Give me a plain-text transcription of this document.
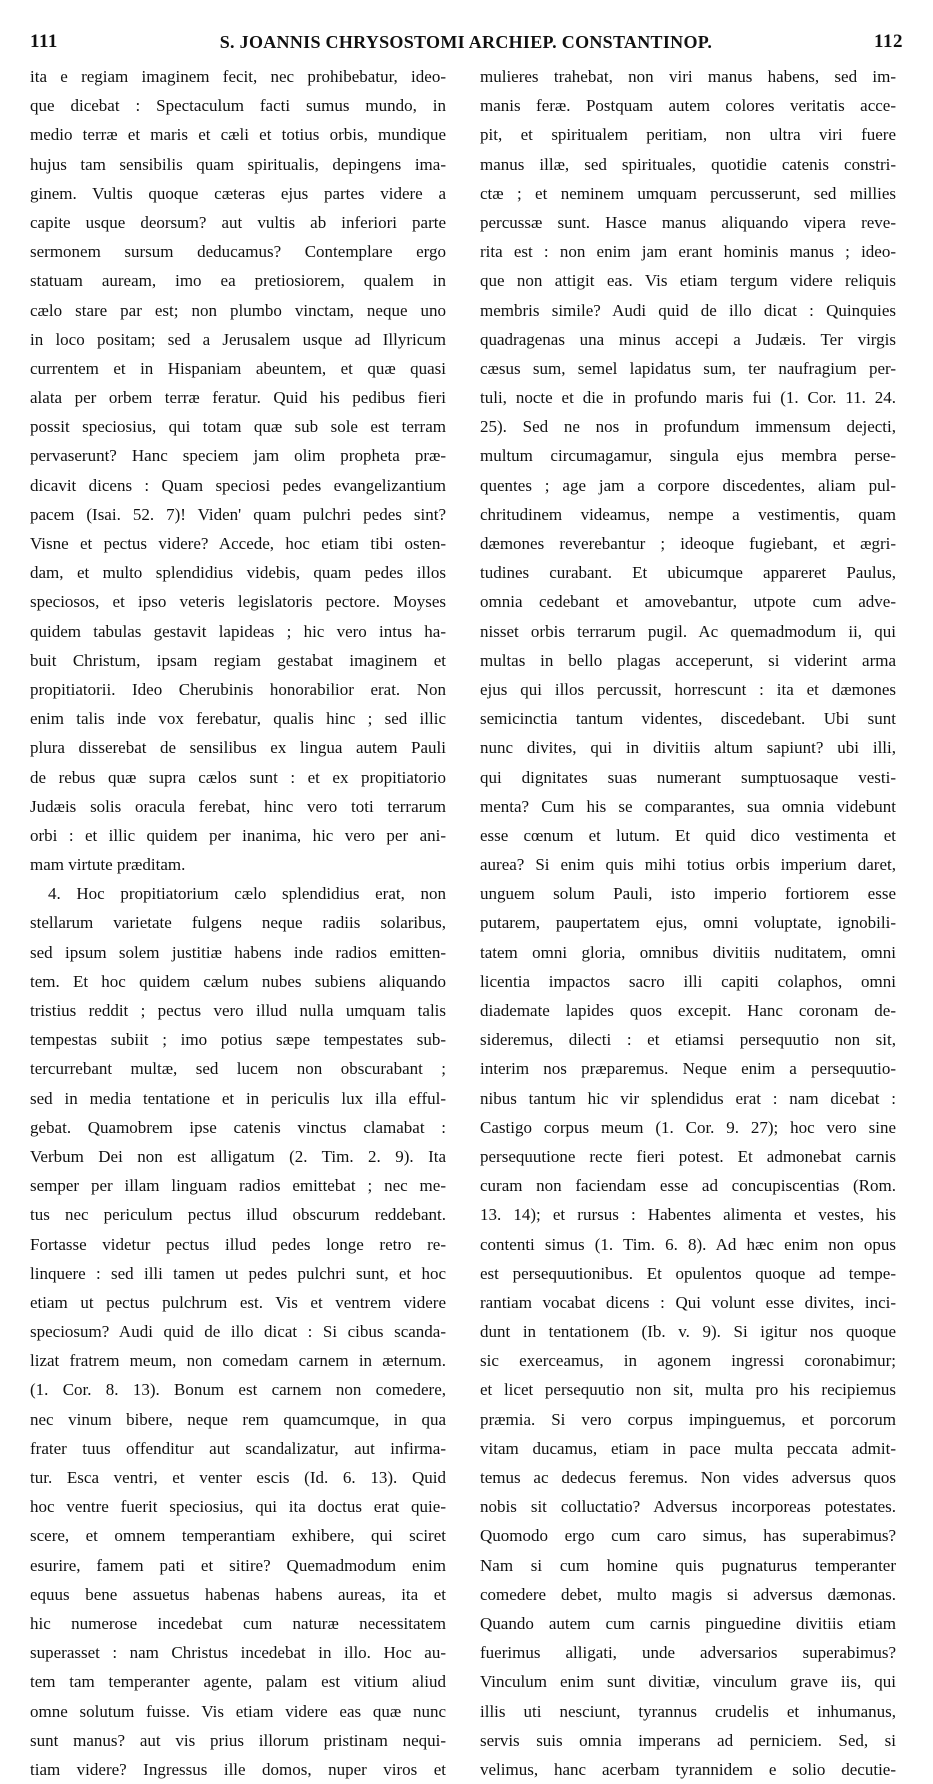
111	S. JOANNIS CHRYSOSTOMI ARCHIEP. CONSTANTINOP.	112
ita e regiam imaginem fecit, nec prohibebatur, ideo-
que dicebat : Spectaculum facti sumus mundo, in
medio terræ et maris et cæli et totius orbis, mundique
hujus tam sensibilis quam spiritualis, depingens ima-
ginem. Vultis quoque cæteras ejus partes videre a
capite usque deorsum? aut vultis ab inferiori parte
sermonem sursum deducamus? Contemplare ergo
statuam auream, imo ea pretiosiorem, qualem in
cælo stare par est; non plumbo vinctam, neque uno
in loco positam; sed a Jerusalem usque ad Illyricum
currentem et in Hispaniam abeuntem, et quæ quasi
alata per orbem terræ feratur. Quid his pedibus fieri
possit speciosius, qui totam quæ sub sole est terram
pervaserunt? Hanc speciem jam olim propheta præ-
dicavit dicens : Quam speciosi pedes evangelizantium
pacem (Isai. 52. 7)! Viden' quam pulchri pedes sint?
Visne et pectus videre? Accede, hoc etiam tibi osten-
dam, et multo splendidius videbis, quam pedes illos
speciosos, et ipso veteris legislatoris pectore. Moyses
quidem tabulas gestavit lapideas ; hic vero intus ha-
buit Christum, ipsam regiam gestabat imaginem et
propitiatorii. Ideo Cherubinis honorabilior erat. Non
enim talis inde vox ferebatur, qualis hinc ; sed illic
plura disserebat de sensilibus ex lingua autem Pauli
de rebus quæ supra cælos sunt : et ex propitiatorio
Judæis solis oracula ferebat, hinc vero toti terrarum
orbi : et illic quidem per inanima, hic vero per ani-
mam virtute præditam.
4. Hoc propitiatorium cælo splendidius erat, non
stellarum varietate fulgens neque radiis solaribus,
sed ipsum solem justitiæ habens inde radios emitten-
tem. Et hoc quidem cælum nubes subiens aliquando
tristius reddit ; pectus vero illud nulla umquam talis
tempestas subiit ; imo potius sæpe tempestates sub-
tercurrebant multæ, sed lucem non obscurabant ;
sed in media tentatione et in periculis lux illa efful-
gebat. Quamobrem ipse catenis vinctus clamabat :
Verbum Dei non est alligatum (2. Tim. 2. 9). Ita
semper per illam linguam radios emittebat ; nec me-
tus nec periculum pectus illud obscurum reddebant.
Fortasse videtur pectus illud pedes longe retro re-
linquere : sed illi tamen ut pedes pulchri sunt, et hoc
etiam ut pectus pulchrum est. Vis et ventrem videre
speciosum? Audi quid de illo dicat : Si cibus scanda-
lizat fratrem meum, non comedam carnem in æternum.
(1. Cor. 8. 13). Bonum est carnem non comedere,
nec vinum bibere, neque rem quamcumque, in qua
frater tuus offenditur aut scandalizatur, aut infirma-
tur. Esca ventri, et venter escis (Id. 6. 13). Quid
hoc ventre fuerit speciosius, qui ita doctus erat quie-
scere, et omnem temperantiam exhibere, qui sciret
esurire, famem pati et sitire? Quemadmodum enim
equus bene assuetus habenas habens aureas, ita et
hic numerose incedebat cum naturæ necessitatem
superasset : nam Christus incedebat in illo. Hoc au-
tem tam temperanter agente, palam est vitium aliud
omne solutum fuisse. Vis etiam videre eas quæ nunc
sunt manus? aut vis prius illorum pristinam nequi-
tiam videre? Ingressus ille domos, nuper viros et
mulieres trahebat, non viri manus habens, sed im-
manis feræ. Postquam autem colores veritatis acce-
pit, et spiritualem peritiam, non ultra viri fuere
manus illæ, sed spirituales, quotidie catenis constri-
ctæ ; et neminem umquam percusserunt, sed millies
percussæ sunt. Hasce manus aliquando vipera reve-
rita est : non enim jam erant hominis manus ; ideo-
que non attigit eas. Vis etiam tergum videre reliquis
membris simile? Audi quid de illo dicat : Quinquies
quadragenas una minus accepi a Judæis. Ter virgis
cæsus sum, semel lapidatus sum, ter naufragium per-
tuli, nocte et die in profundo maris fui (1. Cor. 11. 24.
25). Sed ne nos in profundum immensum dejecti,
multum circumagamur, singula ejus membra perse-
quentes ; age jam a corpore discedentes, aliam pul-
chritudinem videamus, nempe a vestimentis, quam
dæmones reverebantur ; ideoque fugiebant, et ægri-
tudines curabant. Et ubicumque appareret Paulus,
omnia cedebant et amovebantur, utpote cum adve-
nisset orbis terrarum pugil. Ac quemadmodum ii, qui
multas in bello plagas acceperunt, si viderint arma
ejus qui illos percussit, horrescunt : ita et dæmones
semicinctia tantum videntes, discedebant. Ubi sunt
nunc divites, qui in divitiis altum sapiunt? ubi illi,
qui dignitates suas numerant sumptuosaque vesti-
menta? Cum his se comparantes, sua omnia videbunt
esse cœnum et lutum. Et quid dico vestimenta et
aurea? Si enim quis mihi totius orbis imperium daret,
unguem solum Pauli, isto imperio fortiorem esse
putarem, paupertatem ejus, omni voluptate, ignobili-
tatem omni gloria, omnibus divitiis nuditatem, omni
licentia impactos sacro illi capiti colaphos, omni
diademate lapides quos excepit. Hanc coronam de-
sideremus, dilecti : et etiamsi persequutio non sit,
interim nos præparemus. Neque enim a persequutio-
nibus tantum hic vir splendidus erat : nam dicebat :
Castigo corpus meum (1. Cor. 9. 27); hoc vero sine
persequutione recte fieri potest. Et admonebat carnis
curam non faciendam esse ad concupiscentias (Rom.
13. 14); et rursus : Habentes alimenta et vestes, his
contenti simus (1. Tim. 6. 8). Ad hæc enim non opus
est persequutionibus. Et opulentos quoque ad tempe-
rantiam vocabat dicens : Qui volunt esse divites, inci-
dunt in tentationem (Ib. v. 9). Si igitur nos quoque
sic exerceamus, in agonem ingressi coronabimur;
et licet persequutio non sit, multa pro his recipiemus
præmia. Si vero corpus impinguemus, et porcorum
vitam ducamus, etiam in pace multa peccata admit-
temus ac dedecus feremus. Non vides adversus quos
nobis sit colluctatio? Adversus incorporeas potestates.
Quomodo ergo cum caro simus, has superabimus?
Nam si cum homine quis pugnaturus temperanter
comedere debet, multo magis si adversus dæmonas.
Quando autem cum carnis pinguedine divitiis etiam
fuerimus alligati, unde adversarios superabimus?
Vinculum enim sunt divitiæ, vinculum grave iis, qui
illis uti nesciunt, tyrannus crudelis et inhumanus,
servis suis omnia imperans ad perniciem. Sed, si
velimus, hanc acerbam tyrannidem e solio decutie-
